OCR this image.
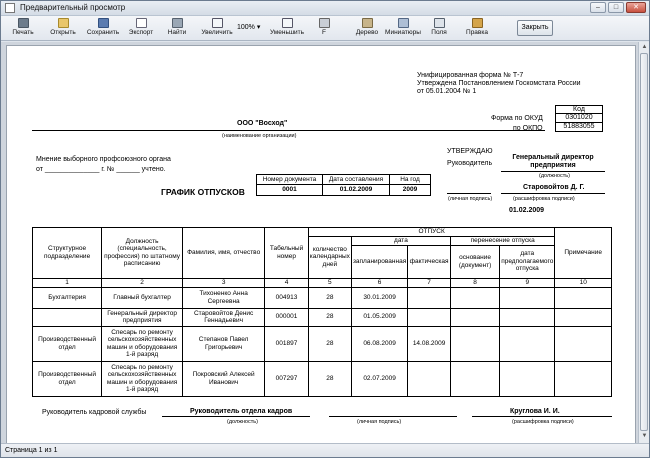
Предварительный просмотр	–	□	✕
Печать	Открыть	Сохранить	Экспорт	Найти	Увеличить
100% ▾
Уменьшить	F	Дерево	Миниатюры	Поля	Правка
Закрыть
Унифицированная форма № Т-7
Утверждена Постановлением Госкомстата России
от 05.01.2004 № 1
Код
0301020
51883055
Форма по ОКУД
по ОКПО
ООО "Восход"
(наименование организации)
Мнение выборного профсоюзного органа
от ______________ г. № ______ учтено.
ГРАФИК ОТПУСКОВ
Номер документа	Дата составления	На год
0001	01.02.2009	2009
УТВЕРЖДАЮ
Руководитель
Генеральный директор предприятия
(должность)
Старовойтов Д. Г.
(личная подпись)	(расшифровка подписи)
01.02.2009
Структурное подразделение	Должность (специальность, профессия) по штатному расписанию	Фамилия, имя, отчество	Табельный номер	ОТПУСК					Примечание
				количество календарных дней	дата		перенесение отпуска		
					запланированная	фактическая	основание (документ)	дата предполагаемого отпуска	
1	2	3	4	5	6	7	8	9	10
Бухгалтерия	Главный бухгалтер	Тихоненко Анна Сергеевна	004913	28	30.01.2009				
	Генеральный директор предприятия	Старовойтов Денис Геннадьевич	000001	28	01.05.2009				
Производственный отдел	Спесарь по ремонту сельскохозяйственных машин и оборудования 1-й разряд	Степанов Павел Григорьевич	001897	28	06.08.2009	14.08.2009			
Производственный отдел	Спесарь по ремонту сельскохозяйственных машин и оборудования 1-й разряд	Покровский Алексей Иванович	007297	28	02.07.2009				
Руководитель кадровой службы	Руководитель отдела кадров	Круглова И. И.
(должность)	(личная подпись)	(расшифровка подписи)
▲
▼
Страница 1 из 1
